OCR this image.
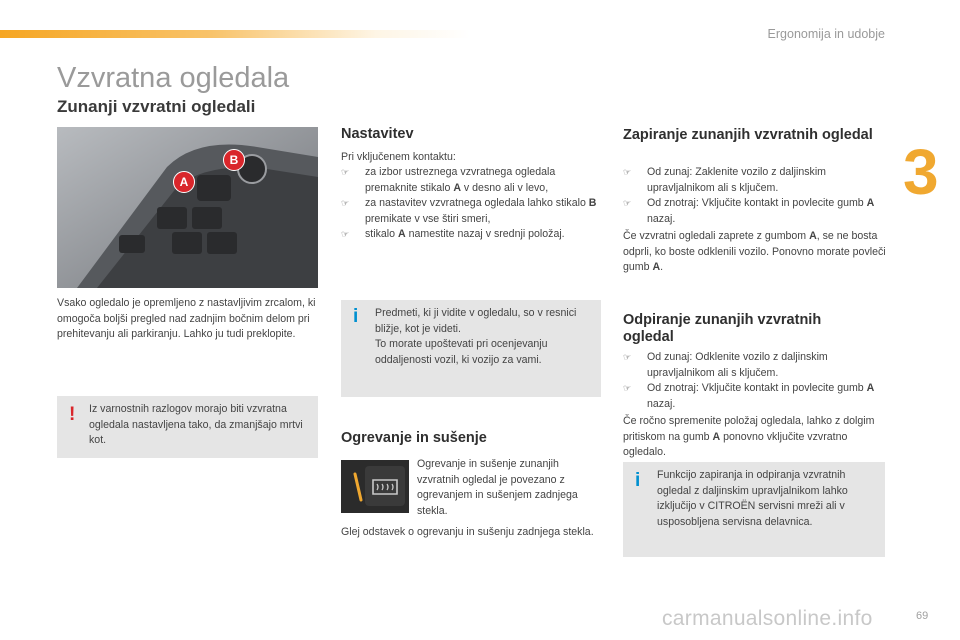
Ergonomija in udobje
3
Vzvratna ogledala
Zunanji vzvratni ogledali
A
B

Vsako ogledalo je opremljeno z nastavljivim zrcalom, ki omogoča boljši pregled nad zadnjim bočnim delom pri prehitevanju ali parkiranju. Lahko ju tudi preklopite.

! Iz varnostnih razlogov morajo biti vzvratna ogledala nastavljena tako, da zmanjšajo mrtvi kot.
Nastavitev

Pri vključenem kontaktu:

☞ za izbor ustreznega vzvratnega ogledala premaknite stikalo A v desno ali v levo,
☞ za nastavitev vzvratnega ogledala lahko stikalo B premikate v vse štiri smeri,
☞ stikalo A namestite nazaj v srednji položaj.
i Predmeti, ki ji vidite v ogledalu, so v resnici bližje, kot je videti.
To morate upoštevati pri ocenjevanju oddaljenosti vozil, ki vozijo za vami.
Ogrevanje in sušenje

Ogrevanje in sušenje zunanjih vzvratnih ogledal je povezano z ogrevanjem in sušenjem zadnjega stekla.

Glej odstavek o ogrevanju in sušenju zadnjega stekla.

Zapiranje zunanjih vzvratnih ogledal
☞ Od zunaj: Zaklenite vozilo z daljinskim upravljalnikom ali s ključem.
☞ Od znotraj: Vključite kontakt in povlecite gumb A nazaj.

Če vzvratni ogledali zaprete z gumbom A, se ne bosta odprli, ko boste odklenili vozilo. Ponovno morate povleči gumb A.

Odpiranje zunanjih vzvratnih ogledal
☞ Od zunaj: Odklenite vozilo z daljinskim upravljalnikom ali s ključem.
☞ Od znotraj: Vključite kontakt in povlecite gumb A nazaj.

Če ročno spremenite položaj ogledala, lahko z dolgim pritiskom na gumb A ponovno vključite vzvratno ogledalo.

i Funkcijo zapiranja in odpiranja vzvratnih ogledal z daljinskim upravljalnikom lahko izključijo v CITROËN servisni mreži ali v usposobljena servisna delavnica.
carmanualsonline.info	69
